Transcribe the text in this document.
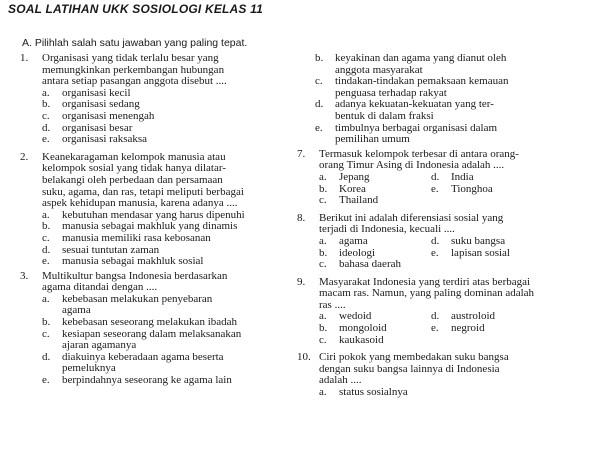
SOAL LATIHAN UKK SOSIOLOGI KELAS 11
A. Pilihlah salah satu jawaban yang paling tepat.
1.	Organisasi yang tidak terlalu besar yang
memungkinkan perkembangan hubungan
antara setiap pasangan anggota disebut ....
a.	organisasi kecil
b.	organisasi sedang
c.	organisasi menengah
d.	organisasi besar
e.	organisasi raksaksa
2.	Keanekaragaman kelompok manusia atau
kelompok sosial yang tidak hanya dilatar-
belakangi oleh perbedaan dan persamaan
suku, agama, dan ras, tetapi meliputi berbagai
aspek kehidupan manusia, karena adanya ....
a.	kebutuhan mendasar yang harus dipenuhi
b.	manusia sebagai makhluk yang dinamis
c.	manusia memiliki rasa kebosanan
d.	sesuai tuntutan zaman
e.	manusia sebagai makhluk sosial
3.	Multikultur bangsa Indonesia berdasarkan
agama ditandai dengan ....
a.	kebebasan melakukan penyebaran
agama
b.	kebebasan seseorang melakukan ibadah
c.	kesiapan seseorang dalam melaksanakan
ajaran agamanya
d.	diakuinya keberadaan agama beserta
pemeluknya
e.	berpindahnya seseorang ke agama lain
b.	keyakinan dan agama yang dianut oleh
anggota masyarakat
c.	tindakan-tindakan pemaksaan kemauan
penguasa terhadap rakyat
d.	adanya kekuatan-kekuatan yang ter-
bentuk di dalam fraksi
e.	timbulnya berbagai organisasi dalam
pemilihan umum
7.	Termasuk kelompok terbesar di antara orang-
orang Timur Asing di Indonesia adalah ....
a.	Jepang	d.	India
b.	Korea	e.	Tionghoa
c.	Thailand
8.	Berikut ini adalah diferensiasi sosial yang
terjadi di Indonesia, kecuali ....
a.	agama	d.	suku bangsa
b.	ideologi	e.	lapisan sosial
c.	bahasa daerah
9.	Masyarakat Indonesia yang terdiri atas berbagai
macam ras. Namun, yang paling dominan adalah
ras ....
a.	wedoid	d.	austroloid
b.	mongoloid	e.	negroid
c.	kaukasoid
10. Ciri pokok yang membedakan suku bangsa
dengan suku bangsa lainnya di Indonesia
adalah ....
a.	status sosialnya
